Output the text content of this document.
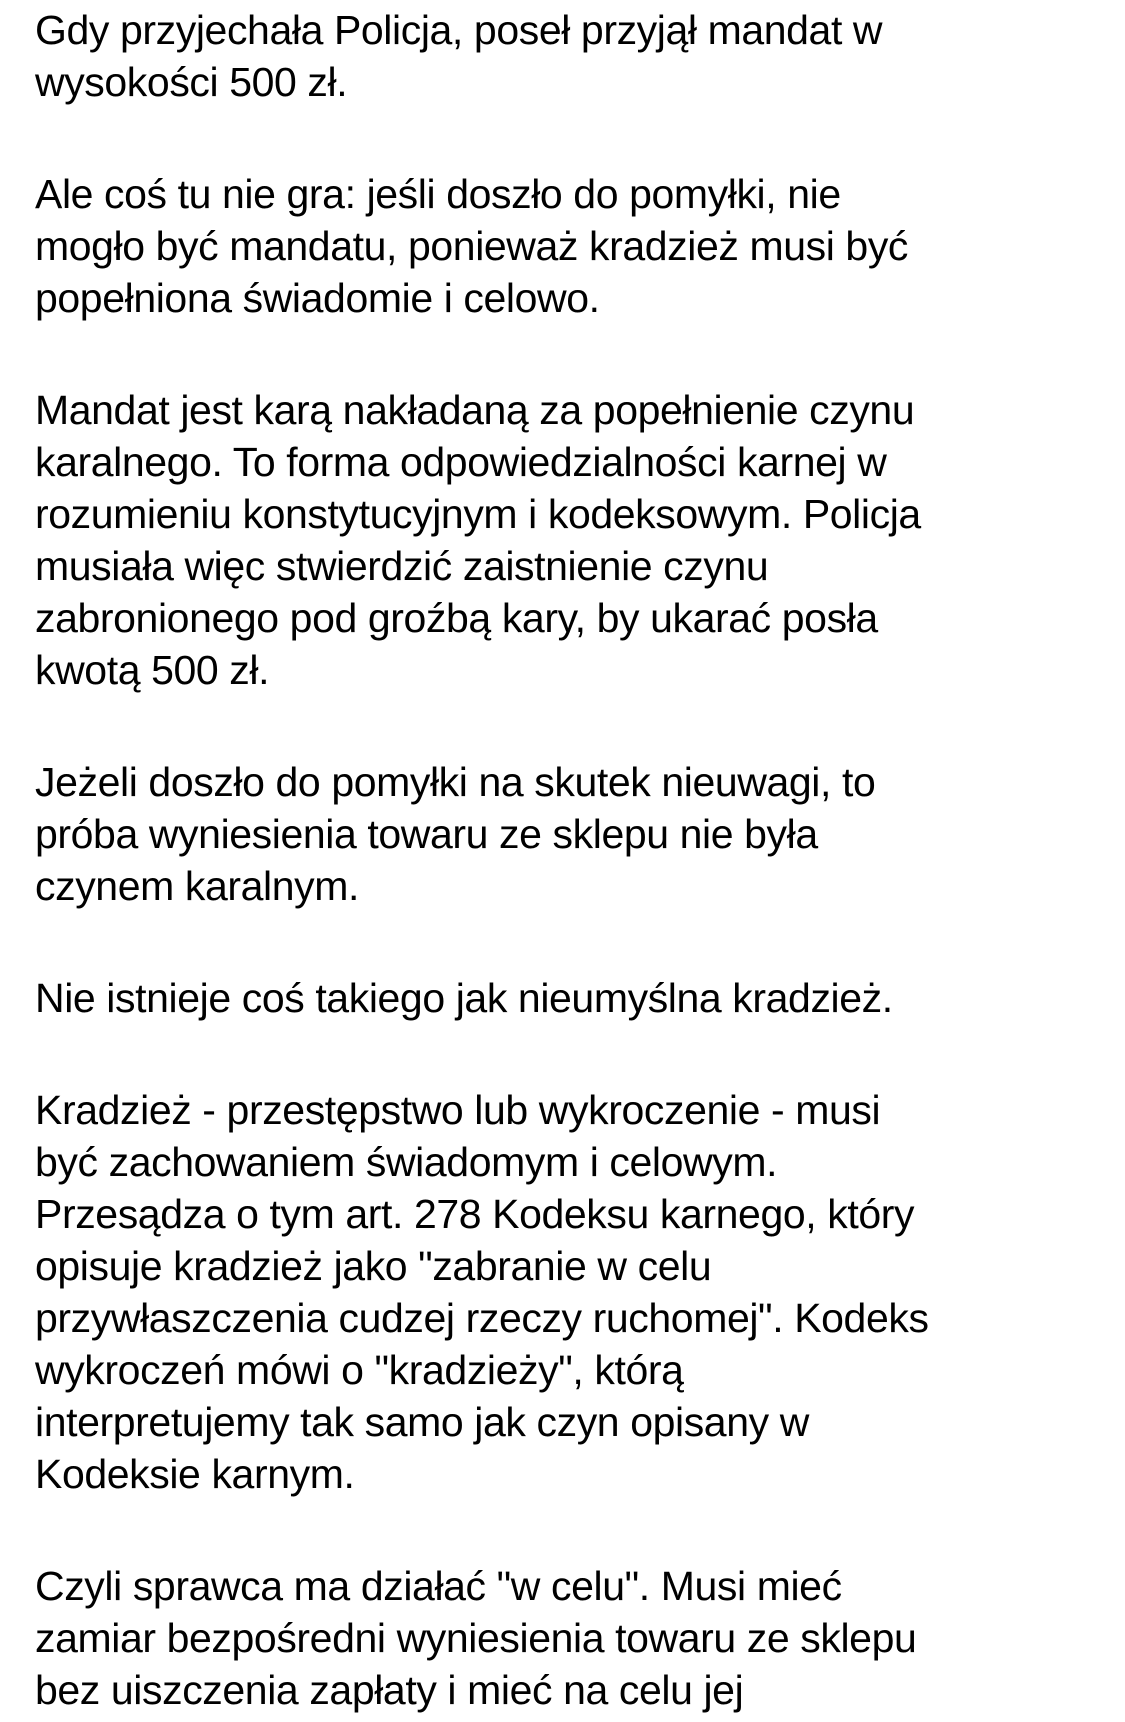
Gdy przyjechała Policja, poseł przyjął mandat w
wysokości 500 zł.
Ale coś tu nie gra: jeśli doszło do pomyłki, nie
mogło być mandatu, ponieważ kradzież musi być
popełniona świadomie i celowo.
Mandat jest karą nakładaną za popełnienie czynu
karalnego. To forma odpowiedzialności karnej w
rozumieniu konstytucyjnym i kodeksowym. Policja
musiała więc stwierdzić zaistnienie czynu
zabronionego pod groźbą kary, by ukarać posła
kwotą 500 zł.
Jeżeli doszło do pomyłki na skutek nieuwagi, to
próba wyniesienia towaru ze sklepu nie była
czynem karalnym.
Nie istnieje coś takiego jak nieumyślna kradzież.
Kradzież - przestępstwo lub wykroczenie - musi
być zachowaniem świadomym i celowym.
Przesądza o tym art. 278 Kodeksu karnego, który
opisuje kradzież jako "zabranie w celu
przywłaszczenia cudzej rzeczy ruchomej". Kodeks
wykroczeń mówi o "kradzieży", którą
interpretujemy tak samo jak czyn opisany w
Kodeksie karnym.
Czyli sprawca ma działać "w celu". Musi mieć
zamiar bezpośredni wyniesienia towaru ze sklepu
bez uiszczenia zapłaty i mieć na celu jej
